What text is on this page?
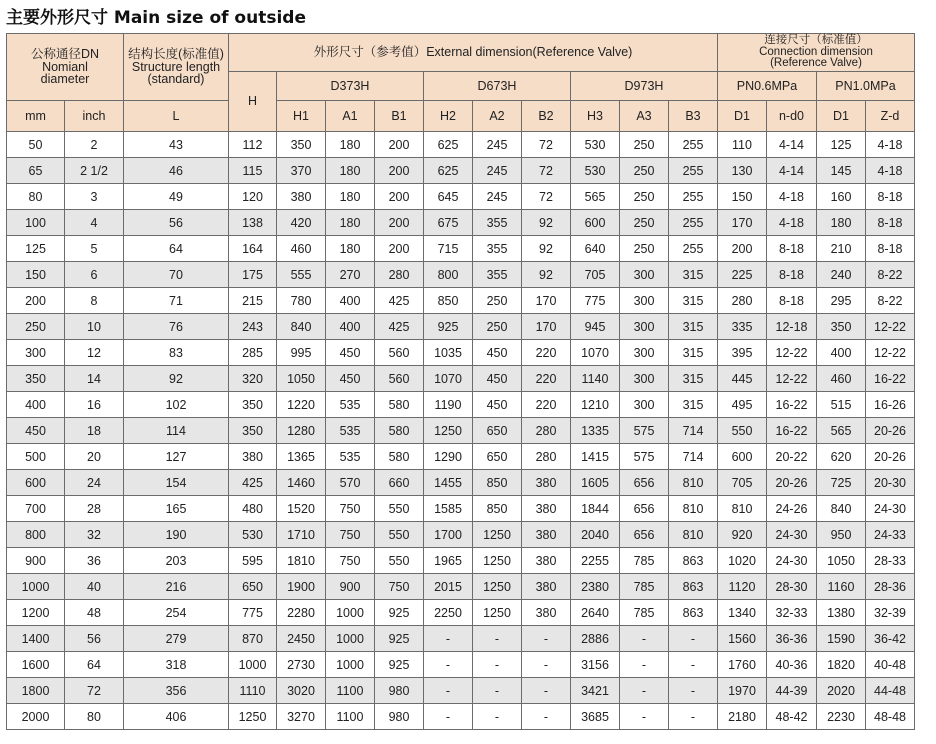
主要外形尺寸 Main size of outside
公称通径DN
Nomianl
diameter		结构长度(标准值)
Structure length
(standard)	外形尺寸（参考值）External dimension(Reference Valve)										连接尺寸（标准值）
Connection dimension
(Reference Valve)			
			H	D373H			D673H			D973H			PN0.6MPa		PN1.0MPa	
mm	inch	L		H1	A1	B1	H2	A2	B2	H3	A3	B3	D1	n-d0	D1	Z-d
50	2	43	112	350	180	200	625	245	72	530	250	255	110	4-14	125	4-18
65	2 1/2	46	115	370	180	200	625	245	72	530	250	255	130	4-14	145	4-18
80	3	49	120	380	180	200	645	245	72	565	250	255	150	4-18	160	8-18
100	4	56	138	420	180	200	675	355	92	600	250	255	170	4-18	180	8-18
125	5	64	164	460	180	200	715	355	92	640	250	255	200	8-18	210	8-18
150	6	70	175	555	270	280	800	355	92	705	300	315	225	8-18	240	8-22
200	8	71	215	780	400	425	850	250	170	775	300	315	280	8-18	295	8-22
250	10	76	243	840	400	425	925	250	170	945	300	315	335	12-18	350	12-22
300	12	83	285	995	450	560	1035	450	220	1070	300	315	395	12-22	400	12-22
350	14	92	320	1050	450	560	1070	450	220	1140	300	315	445	12-22	460	16-22
400	16	102	350	1220	535	580	1190	450	220	1210	300	315	495	16-22	515	16-26
450	18	114	350	1280	535	580	1250	650	280	1335	575	714	550	16-22	565	20-26
500	20	127	380	1365	535	580	1290	650	280	1415	575	714	600	20-22	620	20-26
600	24	154	425	1460	570	660	1455	850	380	1605	656	810	705	20-26	725	20-30
700	28	165	480	1520	750	550	1585	850	380	1844	656	810	810	24-26	840	24-30
800	32	190	530	1710	750	550	1700	1250	380	2040	656	810	920	24-30	950	24-33
900	36	203	595	1810	750	550	1965	1250	380	2255	785	863	1020	24-30	1050	28-33
1000	40	216	650	1900	900	750	2015	1250	380	2380	785	863	1120	28-30	1160	28-36
1200	48	254	775	2280	1000	925	2250	1250	380	2640	785	863	1340	32-33	1380	32-39
1400	56	279	870	2450	1000	925	-	-	-	2886	-	-	1560	36-36	1590	36-42
1600	64	318	1000	2730	1000	925	-	-	-	3156	-	-	1760	40-36	1820	40-48
1800	72	356	1110	3020	1100	980	-	-	-	3421	-	-	1970	44-39	2020	44-48
2000	80	406	1250	3270	1100	980	-	-	-	3685	-	-	2180	48-42	2230	48-48
